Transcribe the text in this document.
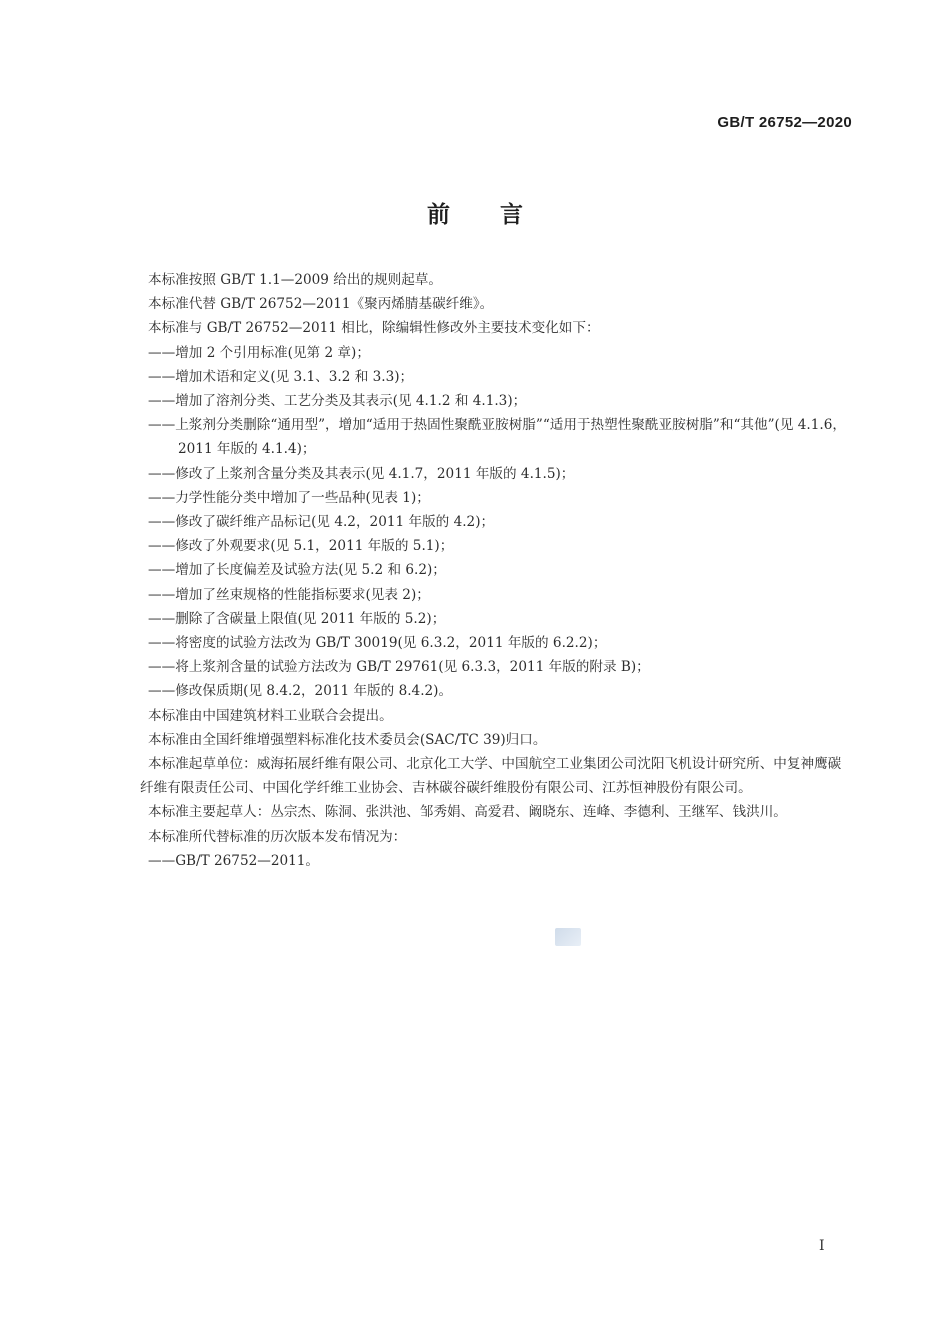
GB/T 26752—2020
前 言

本标准按照 GB/T 1.1—2009 给出的规则起草。

本标准代替 GB/T 26752—2011《聚丙烯腈基碳纤维》。

本标准与 GB/T 26752—2011 相比，除编辑性修改外主要技术变化如下：

——增加 2 个引用标准(见第 2 章)；

——增加术语和定义(见 3.1、3.2 和 3.3)；

——增加了溶剂分类、工艺分类及其表示(见 4.1.2 和 4.1.3)；

——上浆剂分类删除“通用型”，增加“适用于热固性聚酰亚胺树脂”“适用于热塑性聚酰亚胺树脂”和“其他”(见 4.1.6，2011 年版的 4.1.4)；

——修改了上浆剂含量分类及其表示(见 4.1.7，2011 年版的 4.1.5)；

——力学性能分类中增加了一些品种(见表 1)；

——修改了碳纤维产品标记(见 4.2，2011 年版的 4.2)；

——修改了外观要求(见 5.1，2011 年版的 5.1)；

——增加了长度偏差及试验方法(见 5.2 和 6.2)；

——增加了丝束规格的性能指标要求(见表 2)；

——删除了含碳量上限值(见 2011 年版的 5.2)；

——将密度的试验方法改为 GB/T 30019(见 6.3.2，2011 年版的 6.2.2)；

——将上浆剂含量的试验方法改为 GB/T 29761(见 6.3.3，2011 年版的附录 B)；

——修改保质期(见 8.4.2，2011 年版的 8.4.2)。

本标准由中国建筑材料工业联合会提出。

本标准由全国纤维增强塑料标准化技术委员会(SAC/TC 39)归口。

本标准起草单位：威海拓展纤维有限公司、北京化工大学、中国航空工业集团公司沈阳飞机设计研究所、中复神鹰碳纤维有限责任公司、中国化学纤维工业协会、吉林碳谷碳纤维股份有限公司、江苏恒神股份有限公司。

本标准主要起草人：丛宗杰、陈洞、张洪池、邹秀娟、高爱君、阚晓东、连峰、李德利、王继军、钱洪川。

本标准所代替标准的历次版本发布情况为：

——GB/T 26752—2011。

I
